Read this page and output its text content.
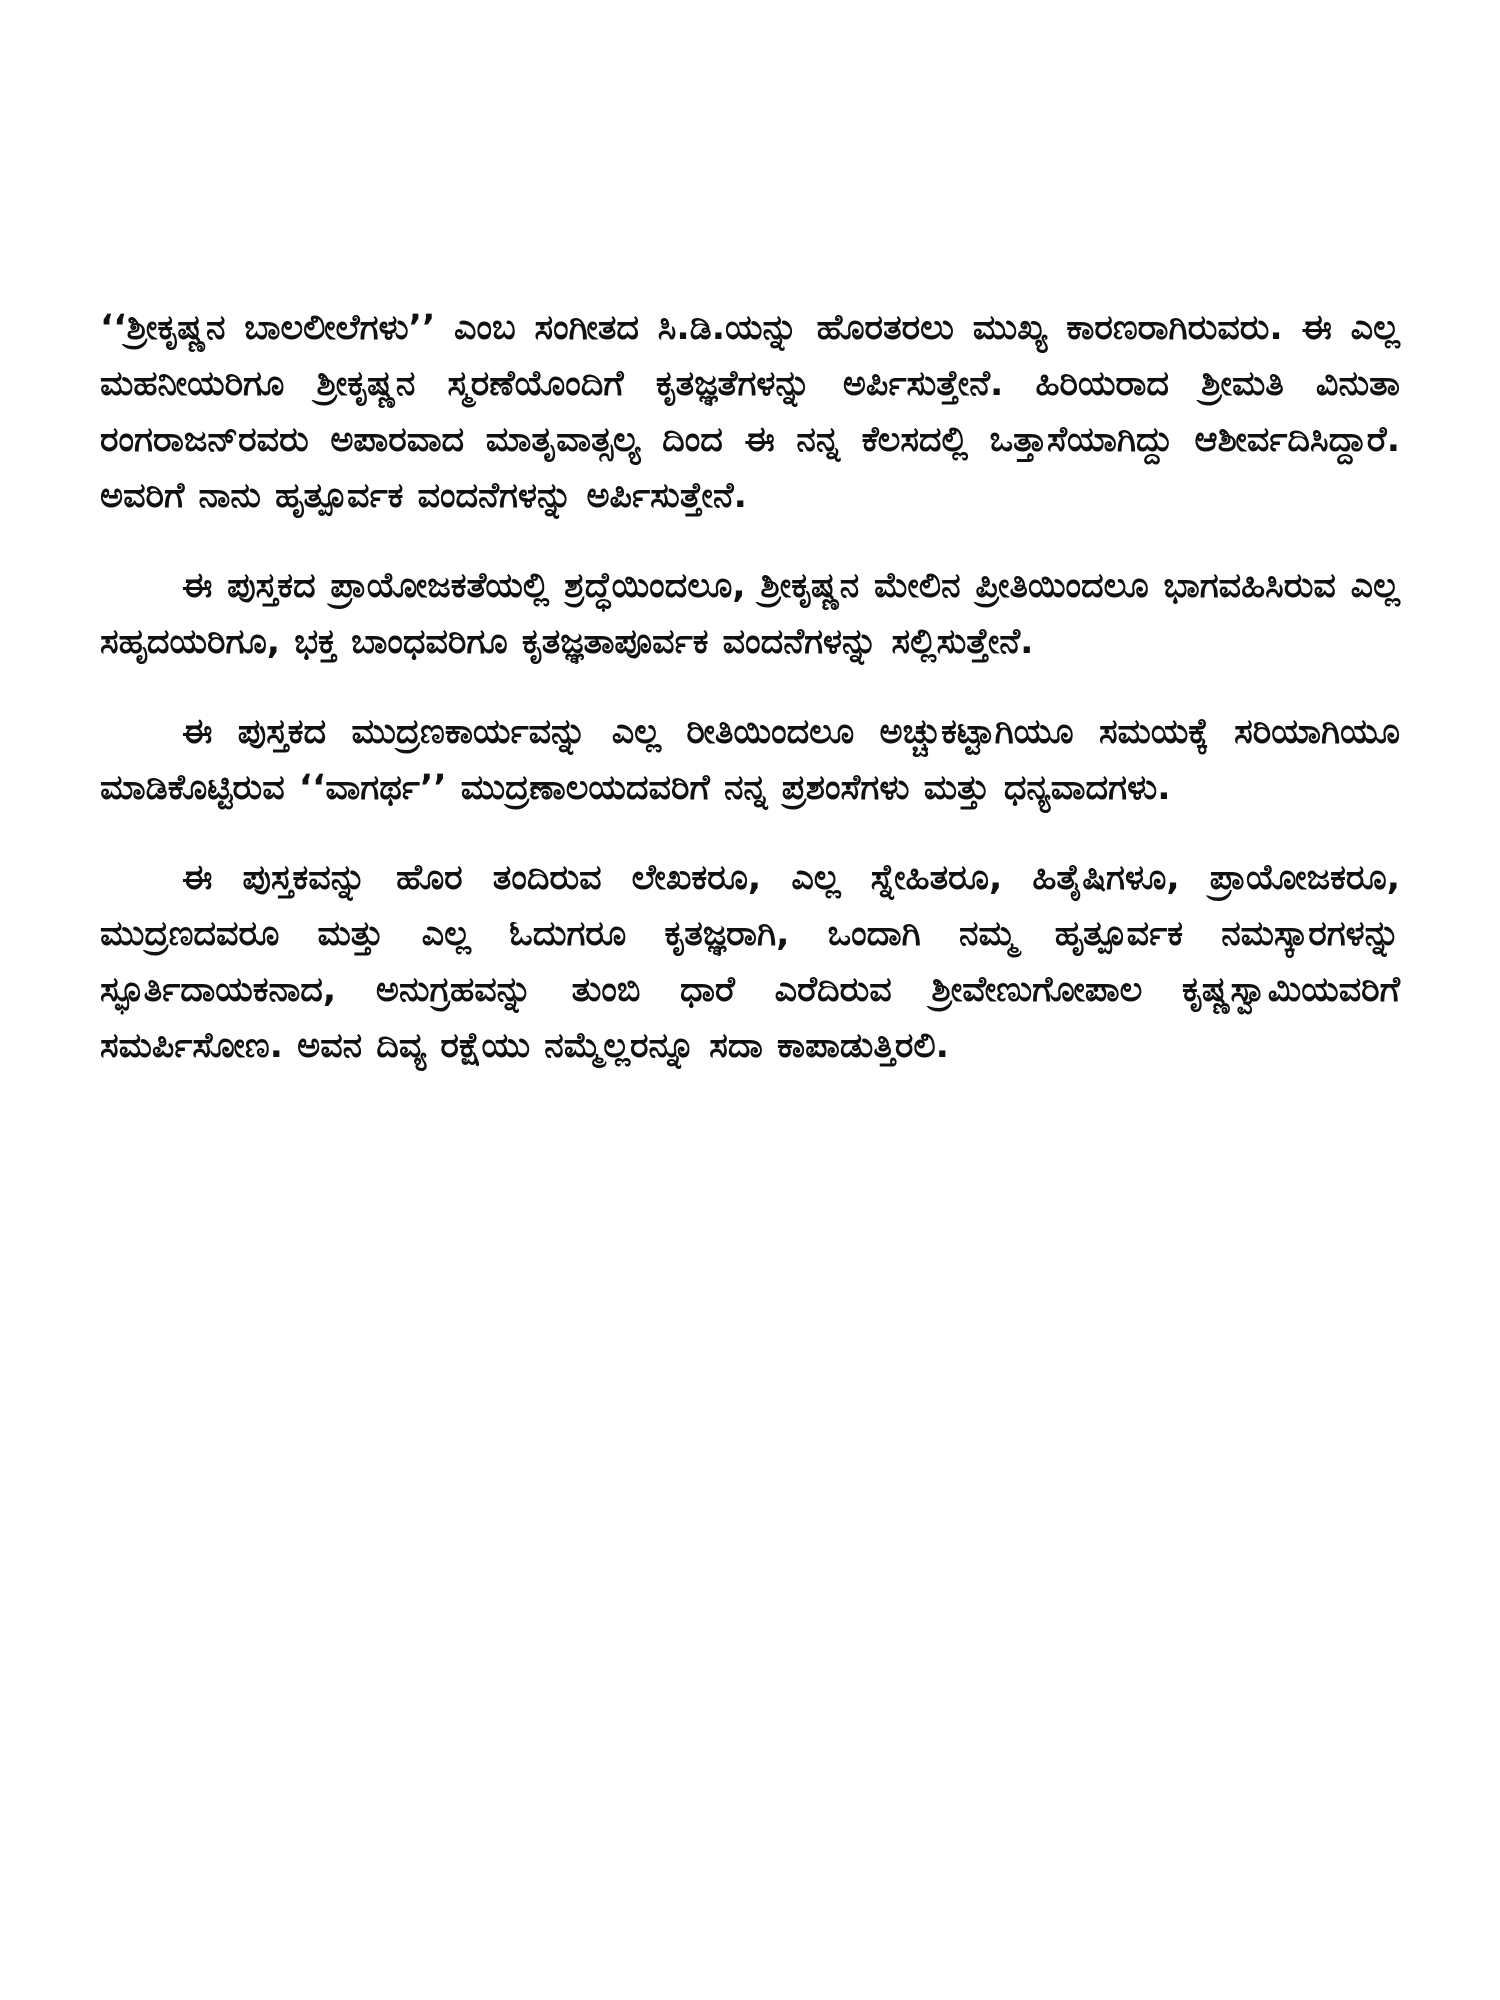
‘‘ಶ್ರೀಕೃಷ್ಣನ ಬಾಲಲೀಲೆಗಳು’’ ಎಂಬ ಸಂಗೀತದ ಸಿ.ಡಿ.ಯನ್ನು ಹೊರತರಲು ಮುಖ್ಯ ಕಾರಣರಾಗಿರುವರು. ಈ ಎಲ್ಲ ಮಹನೀಯರಿಗೂ ಶ್ರೀಕೃಷ್ಣನ ಸ್ಮರಣೆಯೊಂದಿಗೆ ಕೃತಜ್ಞತೆಗಳನ್ನು ಅರ್ಪಿಸುತ್ತೇನೆ. ಹಿರಿಯರಾದ ಶ್ರೀಮತಿ ವಿನುತಾ ರಂಗರಾಜನ್‌ರವರು ಅಪಾರವಾದ ಮಾತೃವಾತ್ಸಲ್ಯ ದಿಂದ ಈ ನನ್ನ ಕೆಲಸದಲ್ಲಿ ಒತ್ತಾಸೆಯಾಗಿದ್ದು ಆಶೀರ್ವದಿಸಿದ್ದಾರೆ. ಅವರಿಗೆ ನಾನು ಹೃತ್ಪೂರ್ವಕ ವಂದನೆಗಳನ್ನು ಅರ್ಪಿಸುತ್ತೇನೆ.

ಈ ಪುಸ್ತಕದ ಪ್ರಾಯೋಜಕತೆಯಲ್ಲಿ ಶ್ರದ್ಧೆಯಿಂದಲೂ, ಶ್ರೀಕೃಷ್ಣನ ಮೇಲಿನ ಪ್ರೀತಿಯಿಂದಲೂ ಭಾಗವಹಿಸಿರುವ ಎಲ್ಲ ಸಹೃದಯರಿಗೂ, ಭಕ್ತ ಬಾಂಧವರಿಗೂ ಕೃತಜ್ಞತಾಪೂರ್ವಕ ವಂದನೆಗಳನ್ನು ಸಲ್ಲಿಸುತ್ತೇನೆ.

ಈ ಪುಸ್ತಕದ ಮುದ್ರಣಕಾರ್ಯವನ್ನು ಎಲ್ಲ ರೀತಿಯಿಂದಲೂ ಅಚ್ಚುಕಟ್ಟಾಗಿಯೂ ಸಮಯಕ್ಕೆ ಸರಿಯಾಗಿಯೂ ಮಾಡಿಕೊಟ್ಟಿರುವ ‘‘ವಾಗರ್ಥ’’ ಮುದ್ರಣಾಲಯದವರಿಗೆ ನನ್ನ ಪ್ರಶಂಸೆಗಳು ಮತ್ತು ಧನ್ಯವಾದಗಳು.

ಈ ಪುಸ್ತಕವನ್ನು ಹೊರ ತಂದಿರುವ ಲೇಖಕರೂ, ಎಲ್ಲ ಸ್ನೇಹಿತರೂ, ಹಿತೈಷಿಗಳೂ, ಪ್ರಾಯೋಜಕರೂ, ಮುದ್ರಣದವರೂ ಮತ್ತು ಎಲ್ಲ ಓದುಗರೂ ಕೃತಜ್ಞರಾಗಿ, ಒಂದಾಗಿ ನಮ್ಮ ಹೃತ್ಪೂರ್ವಕ ನಮಸ್ಕಾರಗಳನ್ನು ಸ್ಫೂರ್ತಿದಾಯಕನಾದ, ಅನುಗ್ರಹವನ್ನು ತುಂಬಿ ಧಾರೆ ಎರೆದಿರುವ ಶ್ರೀವೇಣುಗೋಪಾಲ ಕೃಷ್ಣಸ್ವಾಮಿಯವರಿಗೆ ಸಮರ್ಪಿಸೋಣ. ಅವನ ದಿವ್ಯ ರಕ್ಷೆಯು ನಮ್ಮೆಲ್ಲರನ್ನೂ ಸದಾ ಕಾಪಾಡುತ್ತಿರಲಿ.
